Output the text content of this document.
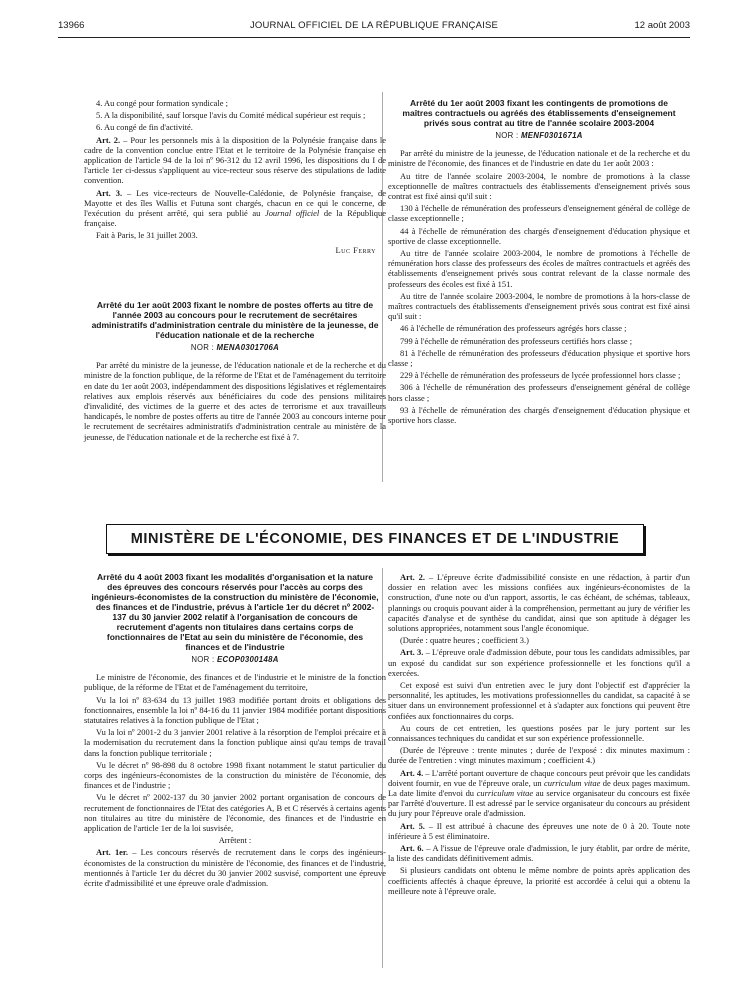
13966	JOURNAL OFFICIEL DE LA RÉPUBLIQUE FRANÇAISE	12 août 2003

4. Au congé pour formation syndicale ;

5. A la disponibilité, sauf lorsque l'avis du Comité médical supérieur est requis ;

6. Au congé de fin d'activité.

Art. 2. – Pour les personnels mis à la disposition de la Polynésie française dans le cadre de la convention conclue entre l'Etat et le territoire de la Polynésie française en application de l'article 94 de la loi nº 96-312 du 12 avril 1996, les dispositions du I de l'article 1er ci-dessus s'appliquent au vice-recteur sous réserve des stipulations de ladite convention.

Art. 3. – Les vice-recteurs de Nouvelle-Calédonie, de Polynésie française, de Mayotte et des îles Wallis et Futuna sont chargés, chacun en ce qui le concerne, de l'exécution du présent arrêté, qui sera publié au Journal officiel de la République française.

Fait à Paris, le 31 juillet 2003.

Luc Ferry

Arrêté du 1er août 2003 fixant le nombre de postes offerts au titre de l'année 2003 au concours pour le recrutement de secrétaires administratifs d'administration centrale du ministère de la jeunesse, de l'éducation nationale et de la recherche
NOR : MENA0301706A

Par arrêté du ministre de la jeunesse, de l'éducation nationale et de la recherche et du ministre de la fonction publique, de la réforme de l'Etat et de l'aménagement du territoire en date du 1er août 2003, indépendamment des dispositions législatives et réglementaires relatives aux emplois réservés aux bénéficiaires du code des pensions militaires d'invalidité, des victimes de la guerre et des actes de terrorisme et aux travailleurs handicapés, le nombre de postes offerts au titre de l'année 2003 au concours interne pour le recrutement de secrétaires administratifs d'administration centrale au ministère de la jeunesse, de l'éducation nationale et de la recherche est fixé à 7.

Arrêté du 1er août 2003 fixant les contingents de promotions de maîtres contractuels ou agréés des établissements d'enseignement privés sous contrat au titre de l'année scolaire 2003-2004
NOR : MENF0301671A

Par arrêté du ministre de la jeunesse, de l'éducation nationale et de la recherche et du ministre de l'économie, des finances et de l'industrie en date du 1er août 2003 :

Au titre de l'année scolaire 2003-2004, le nombre de promotions à la classe exceptionnelle de maîtres contractuels des établissements d'enseignement privés sous contrat est fixé ainsi qu'il suit :

130 à l'échelle de rémunération des professeurs d'enseignement général de collège de classe exceptionnelle ;

44 à l'échelle de rémunération des chargés d'enseignement d'éducation physique et sportive de classe exceptionnelle.

Au titre de l'année scolaire 2003-2004, le nombre de promotions à l'échelle de rémunération hors classe des professeurs des écoles de maîtres contractuels et agréés des établissements d'enseignement privés sous contrat relevant de la classe normale des professeurs des écoles est fixé à 151.

Au titre de l'année scolaire 2003-2004, le nombre de promotions à la hors-classe de maîtres contractuels des établissements d'enseignement privés sous contrat est fixé ainsi qu'il suit :

46 à l'échelle de rémunération des professeurs agrégés hors classe ;

799 à l'échelle de rémunération des professeurs certifiés hors classe ;

81 à l'échelle de rémunération des professeurs d'éducation physique et sportive hors classe ;

229 à l'échelle de rémunération des professeurs de lycée professionnel hors classe ;

306 à l'échelle de rémunération des professeurs d'enseignement général de collège hors classe ;

93 à l'échelle de rémunération des chargés d'enseignement d'éducation physique et sportive hors classe.

MINISTÈRE DE L'ÉCONOMIE, DES FINANCES ET DE L'INDUSTRIE
Arrêté du 4 août 2003 fixant les modalités d'organisation et la nature des épreuves des concours réservés pour l'accès au corps des ingénieurs-économistes de la construction du ministère de l'économie, des finances et de l'industrie, prévus à l'article 1er du décret nº 2002-137 du 30 janvier 2002 relatif à l'organisation de concours de recrutement d'agents non titulaires dans certains corps de fonctionnaires de l'Etat au sein du ministère de l'économie, des finances et de l'industrie
NOR : ECOP0300148A

Le ministre de l'économie, des finances et de l'industrie et le ministre de la fonction publique, de la réforme de l'Etat et de l'aménagement du territoire,

Vu la loi nº 83-634 du 13 juillet 1983 modifiée portant droits et obligations des fonctionnaires, ensemble la loi nº 84-16 du 11 janvier 1984 modifiée portant dispositions statutaires relatives à la fonction publique de l'Etat ;

Vu la loi nº 2001-2 du 3 janvier 2001 relative à la résorption de l'emploi précaire et à la modernisation du recrutement dans la fonction publique ainsi qu'au temps de travail dans la fonction publique territoriale ;

Vu le décret nº 98-898 du 8 octobre 1998 fixant notamment le statut particulier du corps des ingénieurs-économistes de la construction du ministère de l'économie, des finances et de l'industrie ;

Vu le décret nº 2002-137 du 30 janvier 2002 portant organisation de concours de recrutement de fonctionnaires de l'Etat des catégories A, B et C réservés à certains agents non titulaires au titre du ministère de l'économie, des finances et de l'industrie en application de l'article 1er de la loi susvisée,

Arrêtent :

Art. 1er. – Les concours réservés de recrutement dans le corps des ingénieurs-économistes de la construction du ministère de l'économie, des finances et de l'industrie, mentionnés à l'article 1er du décret du 30 janvier 2002 susvisé, comportent une épreuve écrite d'admissibilité et une épreuve orale d'admission.

Art. 2. – L'épreuve écrite d'admissibilité consiste en une rédaction, à partir d'un dossier en relation avec les missions confiées aux ingénieurs-économistes de la construction, d'une note ou d'un rapport, assortis, le cas échéant, de schémas, tableaux, plannings ou croquis pouvant aider à la compréhension, permettant au jury de vérifier les capacités d'analyse et de synthèse du candidat, ainsi que son aptitude à dégager les solutions appropriées, notamment sous l'angle économique.

(Durée : quatre heures ; coefficient 3.)

Art. 3. – L'épreuve orale d'admission débute, pour tous les candidats admissibles, par un exposé du candidat sur son expérience professionnelle et les fonctions qu'il a exercées.

Cet exposé est suivi d'un entretien avec le jury dont l'objectif est d'apprécier la personnalité, les aptitudes, les motivations professionnelles du candidat, sa capacité à se situer dans un environnement professionnel et à s'adapter aux fonctions qui peuvent être confiées aux fonctionnaires du corps.

Au cours de cet entretien, les questions posées par le jury portent sur les connaissances techniques du candidat et sur son expérience professionnelle.

(Durée de l'épreuve : trente minutes ; durée de l'exposé : dix minutes maximum : durée de l'entretien : vingt minutes maximum ; coefficient 4.)

Art. 4. – L'arrêté portant ouverture de chaque concours peut prévoir que les candidats doivent fournir, en vue de l'épreuve orale, un curriculum vitae de deux pages maximum. La date limite d'envoi du curriculum vitae au service organisateur du concours est fixée par l'arrêté d'ouverture. Il est adressé par le service organisateur du concours au président du jury pour l'épreuve orale d'admission.

Art. 5. – Il est attribué à chacune des épreuves une note de 0 à 20. Toute note inférieure à 5 est éliminatoire.

Art. 6. – A l'issue de l'épreuve orale d'admission, le jury établit, par ordre de mérite, la liste des candidats définitivement admis.

Si plusieurs candidats ont obtenu le même nombre de points après application des coefficients affectés à chaque épreuve, la priorité est accordée à celui qui a obtenu la meilleure note à l'épreuve orale.
